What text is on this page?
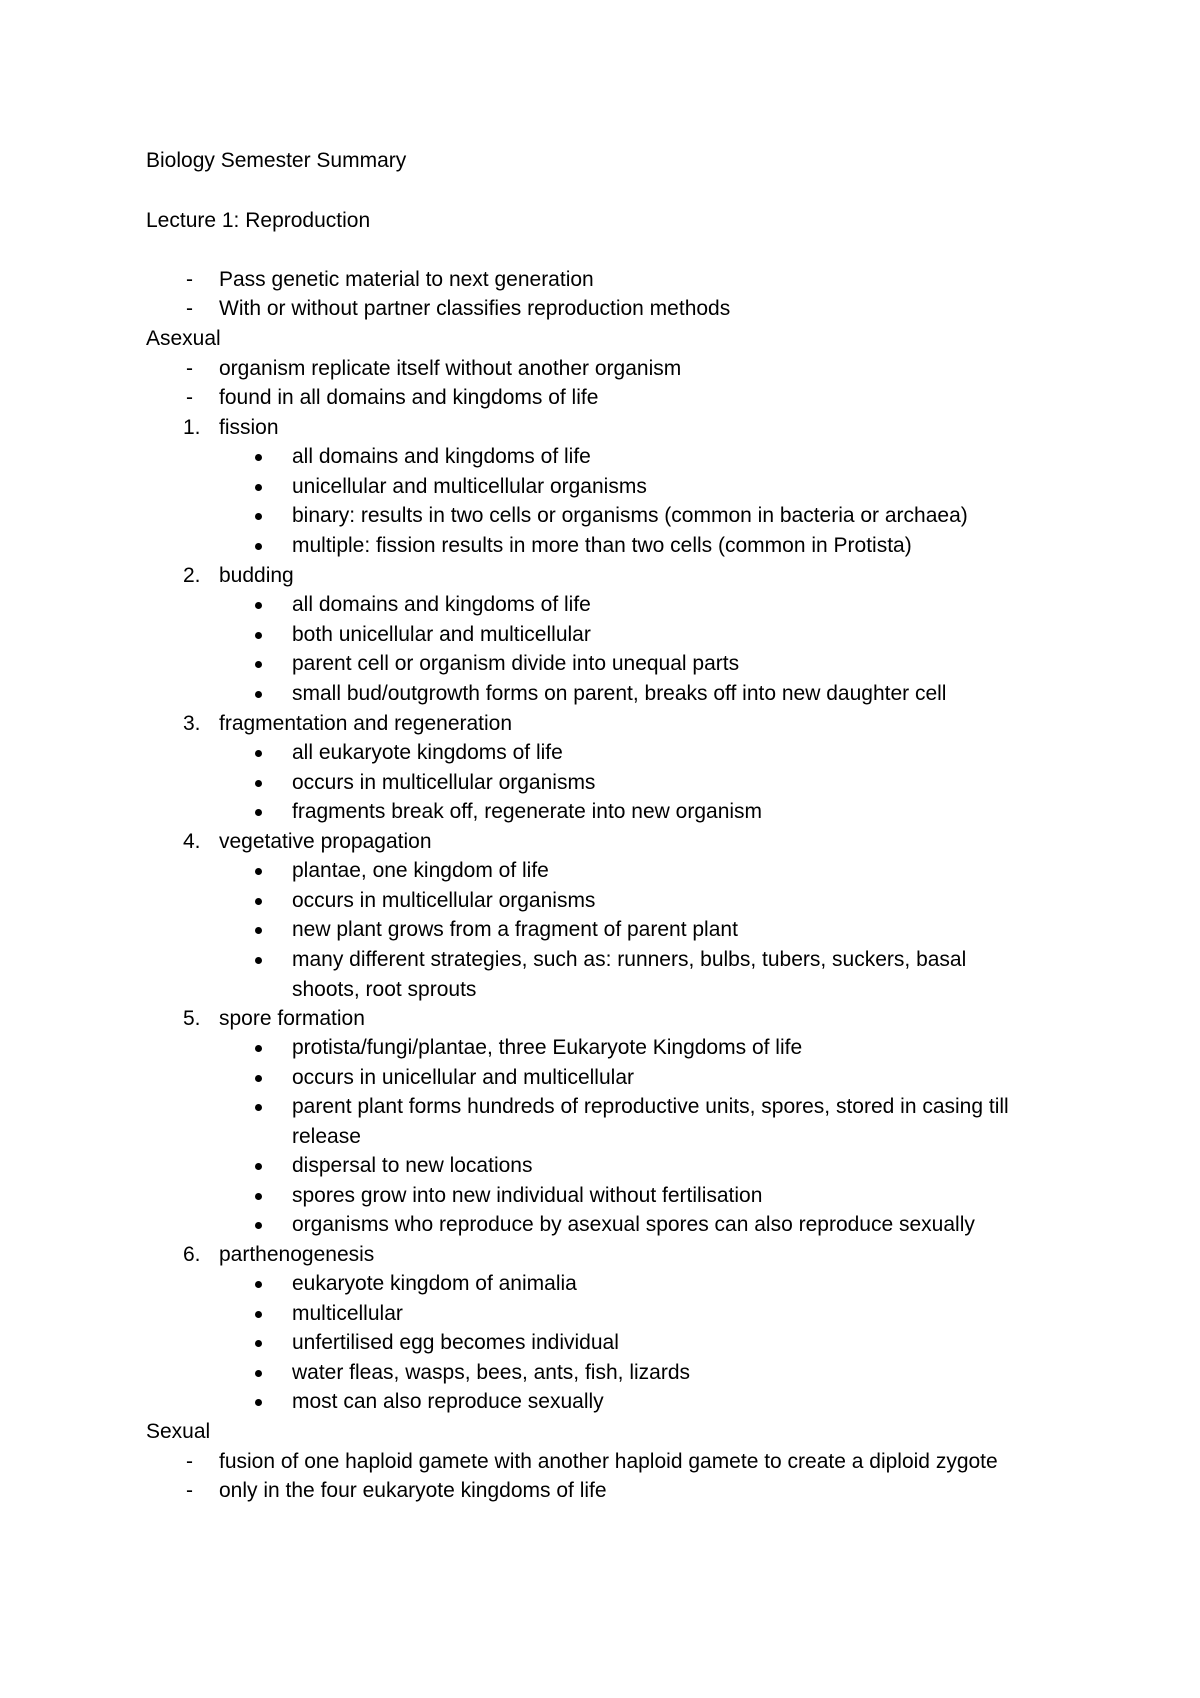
Biology Semester Summary
Lecture 1: Reproduction
- Pass genetic material to next generation
- With or without partner classifies reproduction methods
Asexual
- organism replicate itself without another organism
- found in all domains and kingdoms of life
1. fission
all domains and kingdoms of life
unicellular and multicellular organisms
binary: results in two cells or organisms (common in bacteria or archaea)
multiple: fission results in more than two cells (common in Protista)
2. budding
all domains and kingdoms of life
both unicellular and multicellular
parent cell or organism divide into unequal parts
small bud/outgrowth forms on parent, breaks off into new daughter cell
3. fragmentation and regeneration
all eukaryote kingdoms of life
occurs in multicellular organisms
fragments break off, regenerate into new organism
4. vegetative propagation
plantae, one kingdom of life
occurs in multicellular organisms
new plant grows from a fragment of parent plant
many different strategies, such as: runners, bulbs, tubers, suckers, basal
shoots, root sprouts
5. spore formation
protista/fungi/plantae, three Eukaryote Kingdoms of life
occurs in unicellular and multicellular
parent plant forms hundreds of reproductive units, spores, stored in casing till
release
dispersal to new locations
spores grow into new individual without fertilisation
organisms who reproduce by asexual spores can also reproduce sexually
6. parthenogenesis
eukaryote kingdom of animalia
multicellular
unfertilised egg becomes individual
water fleas, wasps, bees, ants, fish, lizards
most can also reproduce sexually
Sexual
- fusion of one haploid gamete with another haploid gamete to create a diploid zygote
- only in the four eukaryote kingdoms of life
